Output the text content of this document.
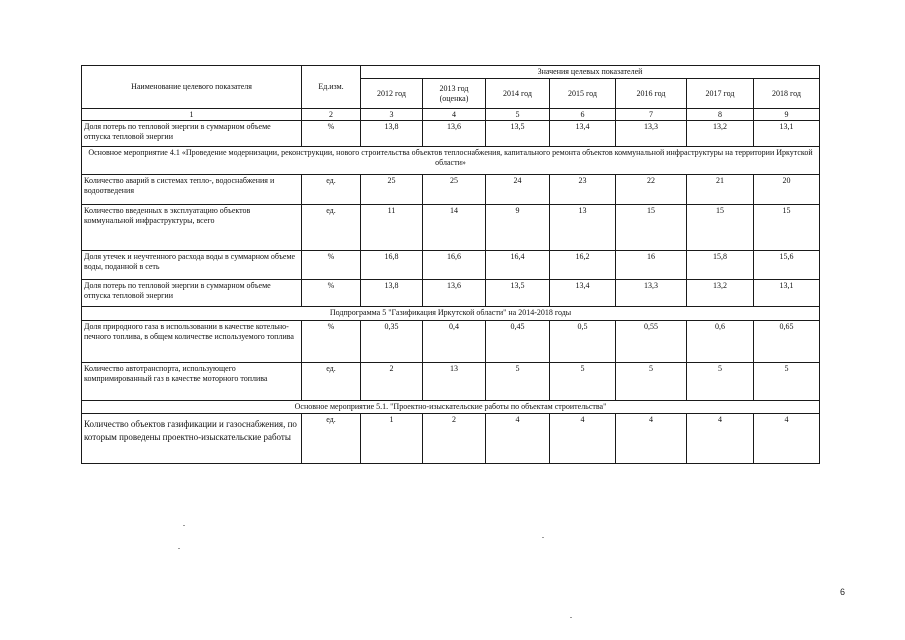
Наименование целевого показателя	Ед.изм.	Значения целевых показателей						
		2012 год	2013 год (оценка)	2014 год	2015 год	2016 год	2017 год	2018 год
1	2	3	4	5	6	7	8	9
Доля потерь по тепловой энергии в суммарном объеме отпуска тепловой энергии	%	13,8	13,6	13,5	13,4	13,3	13,2	13,1
Основное мероприятие 4.1 «Проведение модернизации, реконструкции, нового строительства объектов теплоснабжения, капитального ремонта объектов коммунальной инфраструктуры на территории Иркутской области»								
Количество аварий в системах тепло-, водоснабжения и водоотведения	ед.	25	25	24	23	22	21	20
Количество введенных в эксплуатацию объектов коммунальной инфраструктуры, всего	ед.	11	14	9	13	15	15	15
Доля утечек и неучтенного расхода воды в суммарном объеме воды, поданной в сеть	%	16,8	16,6	16,4	16,2	16	15,8	15,6
Доля потерь по тепловой энергии в суммарном объеме отпуска тепловой энергии	%	13,8	13,6	13,5	13,4	13,3	13,2	13,1
Подпрограмма 5 "Газификация Иркутской области" на 2014-2018 годы								
Доля природного газа в использовании в качестве котельно-печного топлива, в общем количестве используемого топлива	%	0,35	0,4	0,45	0,5	0,55	0,6	0,65
Количество автотранспорта, использующего компримированный газ в качестве моторного топлива	ед.	2	13	5	5	5	5	5
Основное мероприятие 5.1. "Проектно-изыскательские работы по объектам строительства"								
Количество объектов газификации и газоснабжения, по которым проведены проектно-изыскательские работы	ед.	1	2	4	4	4	4	4
6
